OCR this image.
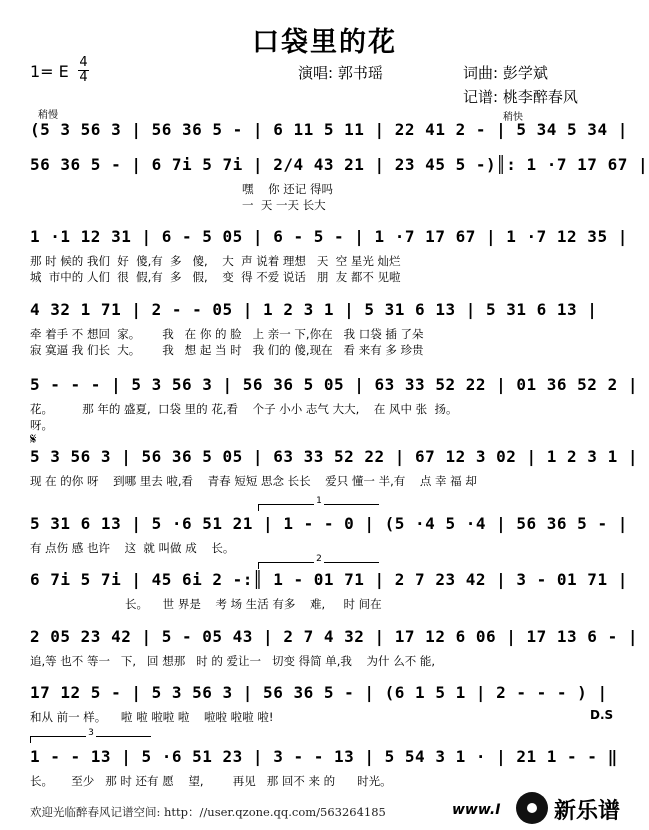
口袋里的花
1= E 4
4	演唱: 郭书瑶	词曲: 彭学斌
记谱: 桃李醉春风
稍慢	稍快
𝄋
D.S
1
2
3
(5 3 56 3 | 56 36 5 - | 6 11 5 11 | 22 41 2 - | 5 34 5 34 |
56 36 5 - | 6 7i 5 7i | 2/4 43 21 | 23 45 5 -)║: 1 ·7 17 67 |
嘿    你 还记 得吗
一  天 一天 长大
1 ·1 12 31 | 6 - 5 05 | 6 - 5 - | 1 ·7 17 67 | 1 ·7 12 35 |
那 时 候的 我们  好  傻,有  多   傻,    大  声 说着 理想   天  空 星光 灿烂
城  市中的 人们  很  假,有  多   假,    变  得 不爱 说话   朋  友 都不 见啦
4 32 1 71 | 2 - - 05 | 1 2 3 1 | 5 31 6 13 | 5 31 6 13 |
牵 着手 不 想回  家。      我   在 你 的 脸   上 亲一 下,你在   我 口袋 插 了朵
寂 寞逼 我 们长  大。      我   想 起 当 时   我 们的 傻,现在   看 来有 多 珍贵
5 - - - | 5 3 56 3 | 56 36 5 05 | 63 33 52 22 | 01 36 52 2 |
花。        那 年的 盛夏,  口袋 里的 花,看    个子 小小 志气 大大,    在 风中 张  扬。
呀。
5 3 56 3 | 56 36 5 05 | 63 33 52 22 | 67 12 3 02 | 1 2 3 1 |
现 在 的你 呀    到哪 里去 啦,看    青春 短短 思念 长长    爱只 懂一 半,有    点 幸 福 却
5 31 6 13 | 5 ·6 51 21 | 1 - - 0 | (5 ·4 5 ·4 | 56 36 5 - |
有 点伤 感 也许    这  就 叫做 成    长。
6 7i 5 7i | 45 6i 2 -:║ 1 - 01 71 | 2 7 23 42 | 3 - 01 71 |
长。    世 界是    考 场 生活 有多    难,     时 间在
2 05 23 42 | 5 - 05 43 | 2 7 4 32 | 17 12 6 06 | 17 13 6 - |
追,等 也不 等一   下,   回 想那   时 的 爱让一   切变 得简 单,我    为什 么不 能,
17 12 5 - | 5 3 56 3 | 56 36 5 - | (6 1 5 1 | 2 - - - ) |
和从 前一 样。    啦 啦 啦啦 啦    啦啦 啦啦 啦!
1 - - 13 | 5 ·6 51 23 | 3 - - 13 | 5 54 3 1 · | 21 1 - - ‖
长。     至少   那 时 还有 愿    望,        再见   那 回不 来 的      时光。
欢迎光临醉春风记谱空间: http：//user.qzone.qq.com/563264185	www.I 新乐谱
